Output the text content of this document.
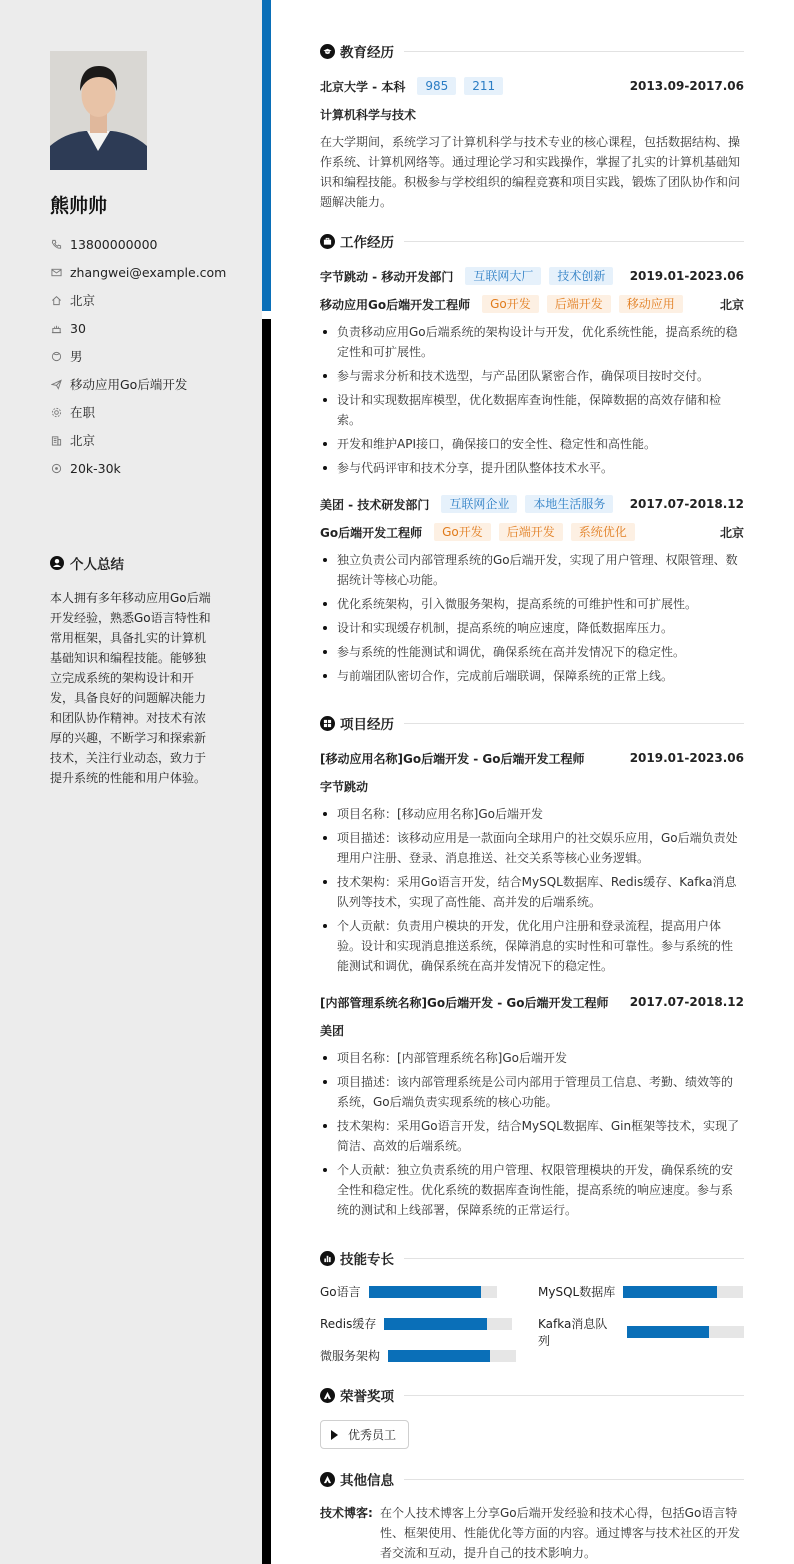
熊帅帅
13800000000
zhangwei@example.com
北京
30
男
移动应用Go后端开发
在职
北京
20k-30k
个人总结
本人拥有多年移动应用Go后端开发经验，熟悉Go语言特性和常用框架，具备扎实的计算机基础知识和编程技能。能够独立完成系统的架构设计和开发，具备良好的问题解决能力和团队协作精神。对技术有浓厚的兴趣，不断学习和探索新技术，关注行业动态，致力于提升系统的性能和用户体验。
教育经历
北京大学 - 本科	985	211	2013.09-2017.06
计算机科学与技术
在大学期间，系统学习了计算机科学与技术专业的核心课程，包括数据结构、操作系统、计算机网络等。通过理论学习和实践操作，掌握了扎实的计算机基础知识和编程技能。积极参与学校组织的编程竞赛和项目实践，锻炼了团队协作和问题解决能力。
工作经历
字节跳动 - 移动开发部门	互联网大厂	技术创新	2019.01-2023.06
移动应用Go后端开发工程师	Go开发	后端开发	移动应用	北京
负责移动应用Go后端系统的架构设计与开发，优化系统性能，提高系统的稳定性和可扩展性。
参与需求分析和技术选型，与产品团队紧密合作，确保项目按时交付。
设计和实现数据库模型，优化数据库查询性能，保障数据的高效存储和检索。
开发和维护API接口，确保接口的安全性、稳定性和高性能。
参与代码评审和技术分享，提升团队整体技术水平。
美团 - 技术研发部门	互联网企业	本地生活服务	2017.07-2018.12
Go后端开发工程师	Go开发	后端开发	系统优化	北京
独立负责公司内部管理系统的Go后端开发，实现了用户管理、权限管理、数据统计等核心功能。
优化系统架构，引入微服务架构，提高系统的可维护性和可扩展性。
设计和实现缓存机制，提高系统的响应速度，降低数据库压力。
参与系统的性能测试和调优，确保系统在高并发情况下的稳定性。
与前端团队密切合作，完成前后端联调，保障系统的正常上线。
项目经历
[移动应用名称]Go后端开发 - Go后端开发工程师	2019.01-2023.06
字节跳动
项目名称：[移动应用名称]Go后端开发
项目描述：该移动应用是一款面向全球用户的社交娱乐应用，Go后端负责处理用户注册、登录、消息推送、社交关系等核心业务逻辑。
技术架构：采用Go语言开发，结合MySQL数据库、Redis缓存、Kafka消息队列等技术，实现了高性能、高并发的后端系统。
个人贡献：负责用户模块的开发，优化用户注册和登录流程，提高用户体验。设计和实现消息推送系统，保障消息的实时性和可靠性。参与系统的性能测试和调优，确保系统在高并发情况下的稳定性。
[内部管理系统名称]Go后端开发 - Go后端开发工程师 2017.07-2018.12
美团
项目名称：[内部管理系统名称]Go后端开发
项目描述：该内部管理系统是公司内部用于管理员工信息、考勤、绩效等的系统，Go后端负责实现系统的核心功能。
技术架构：采用Go语言开发，结合MySQL数据库、Gin框架等技术，实现了简洁、高效的后端系统。
个人贡献：独立负责系统的用户管理、权限管理模块的开发，确保系统的安全性和稳定性。优化系统的数据库查询性能，提高系统的响应速度。参与系统的测试和上线部署，保障系统的正常运行。
技能专长
Go语言	MySQL数据库
Redis缓存	Kafka消息队列
微服务架构
荣誉奖项
优秀员工
其他信息
技术博客: 在个人技术博客上分享Go后端开发经验和技术心得，包括Go语言特性、框架使用、性能优化等方面的内容。通过博客与技术社区的开发者交流和互动，提升自己的技术影响力。
